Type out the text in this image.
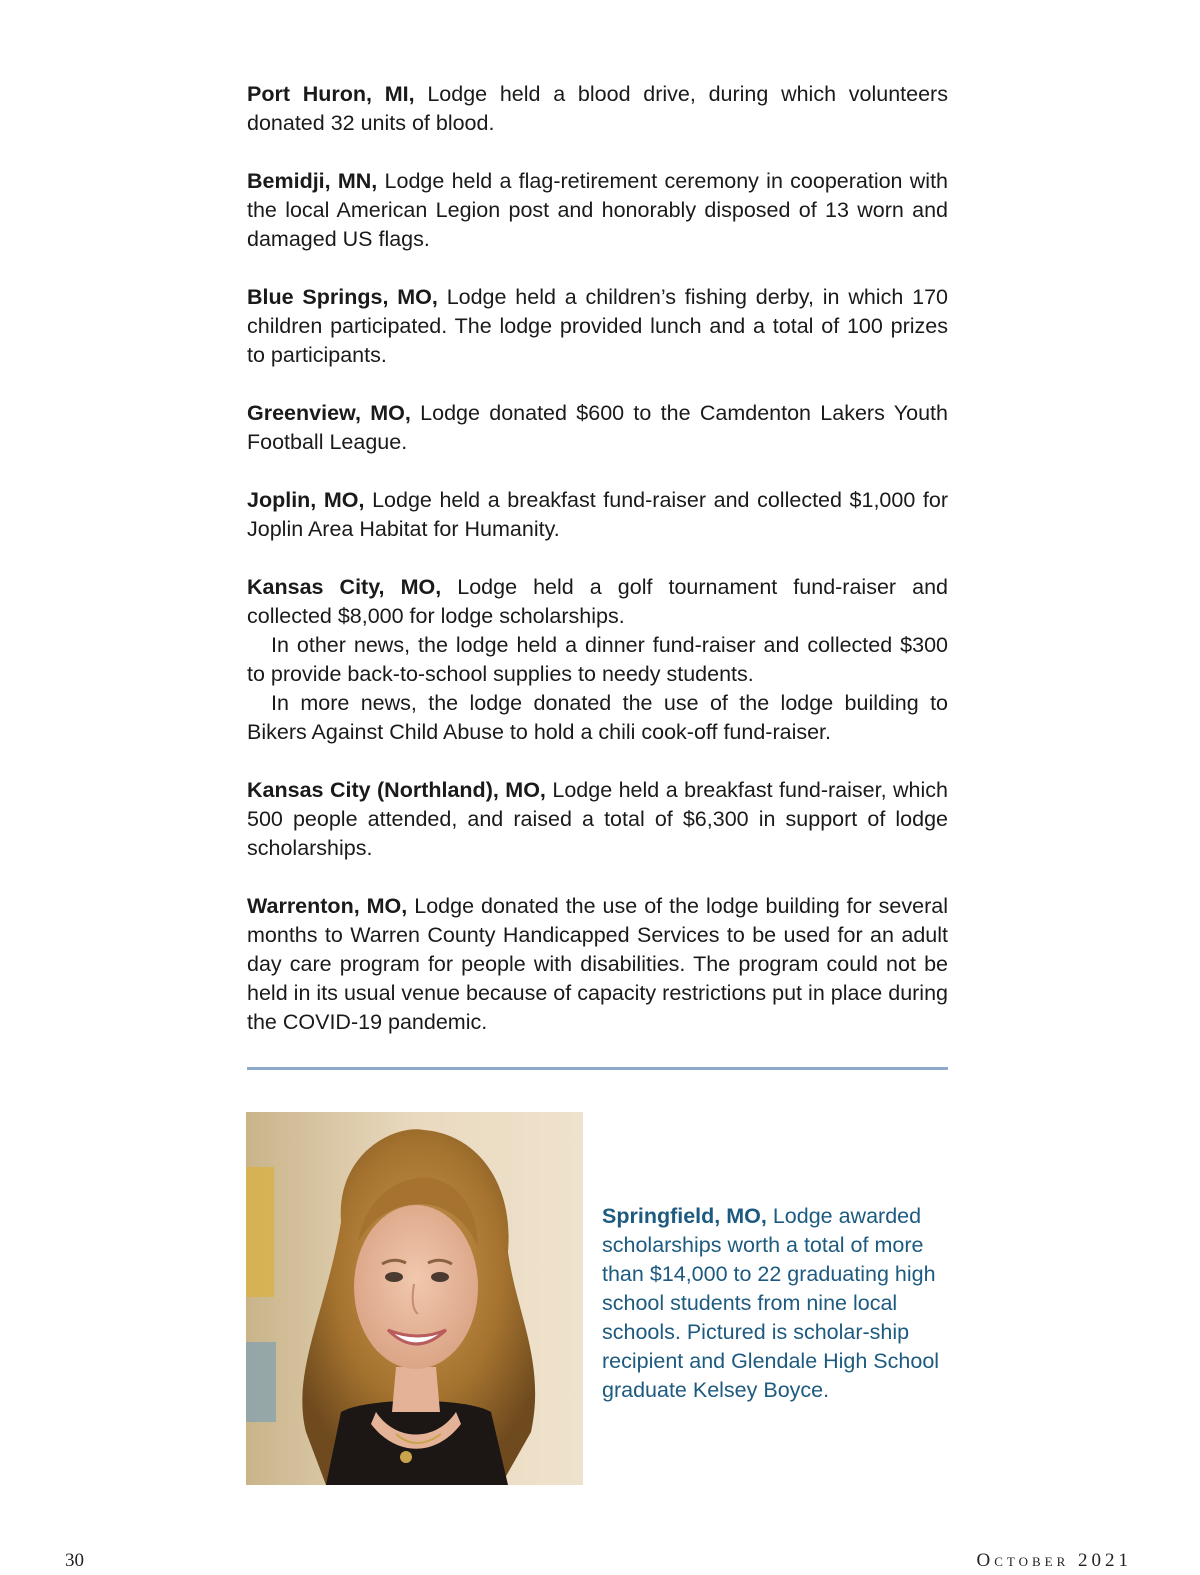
Port Huron, MI, Lodge held a blood drive, during which volunteers donated 32 units of blood.

Bemidji, MN, Lodge held a flag-retirement ceremony in cooperation with the local American Legion post and honorably disposed of 13 worn and damaged US flags.

Blue Springs, MO, Lodge held a children’s fishing derby, in which 170 children participated. The lodge provided lunch and a total of 100 prizes to participants.

Greenview, MO, Lodge donated $600 to the Camdenton Lakers Youth Football League.

Joplin, MO, Lodge held a breakfast fund-raiser and collected $1,000 for Joplin Area Habitat for Humanity.

Kansas City, MO, Lodge held a golf tournament fund-raiser and collected $8,000 for lodge scholarships.

In other news, the lodge held a dinner fund-raiser and collected $300 to provide back-to-school supplies to needy students.

In more news, the lodge donated the use of the lodge building to Bikers Against Child Abuse to hold a chili cook-off fund-raiser.

Kansas City (Northland), MO, Lodge held a breakfast fund-raiser, which 500 people attended, and raised a total of $6,300 in support of lodge scholarships.

Warrenton, MO, Lodge donated the use of the lodge building for several months to Warren County Handicapped Services to be used for an adult day care program for people with disabilities. The program could not be held in its usual venue because of capacity restrictions put in place during the COVID-19 pandemic.

Springfield, MO, Lodge awarded scholarships worth a total of more than $14,000 to 22 graduating high school students from nine local schools. Pictured is scholar-ship recipient and Glendale High School graduate Kelsey Boyce.
30	October 2021
